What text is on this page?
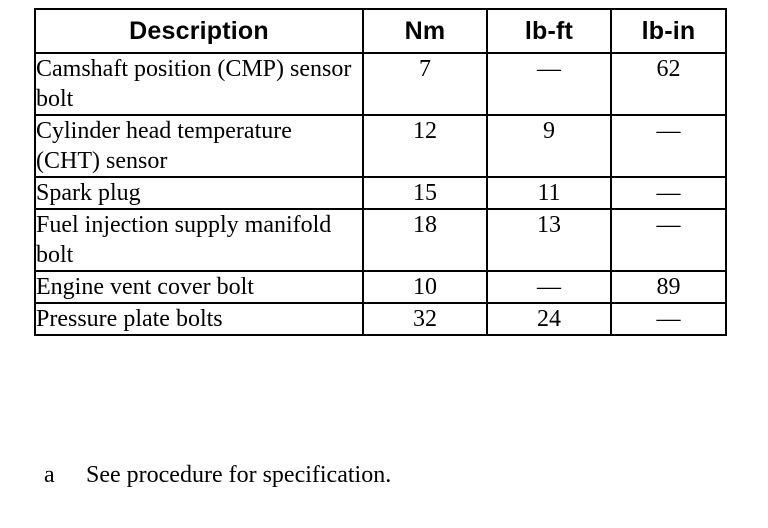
Description	Nm	lb-ft	lb-in
Camshaft position (CMP) sensor bolt	7	—	62
Cylinder head temperature (CHT) sensor	12	9	—
Spark plug	15	11	—
Fuel injection supply manifold bolt	18	13	—
Engine vent cover bolt	10	—	89
Pressure plate bolts	32	24	—
a See procedure for specification.
